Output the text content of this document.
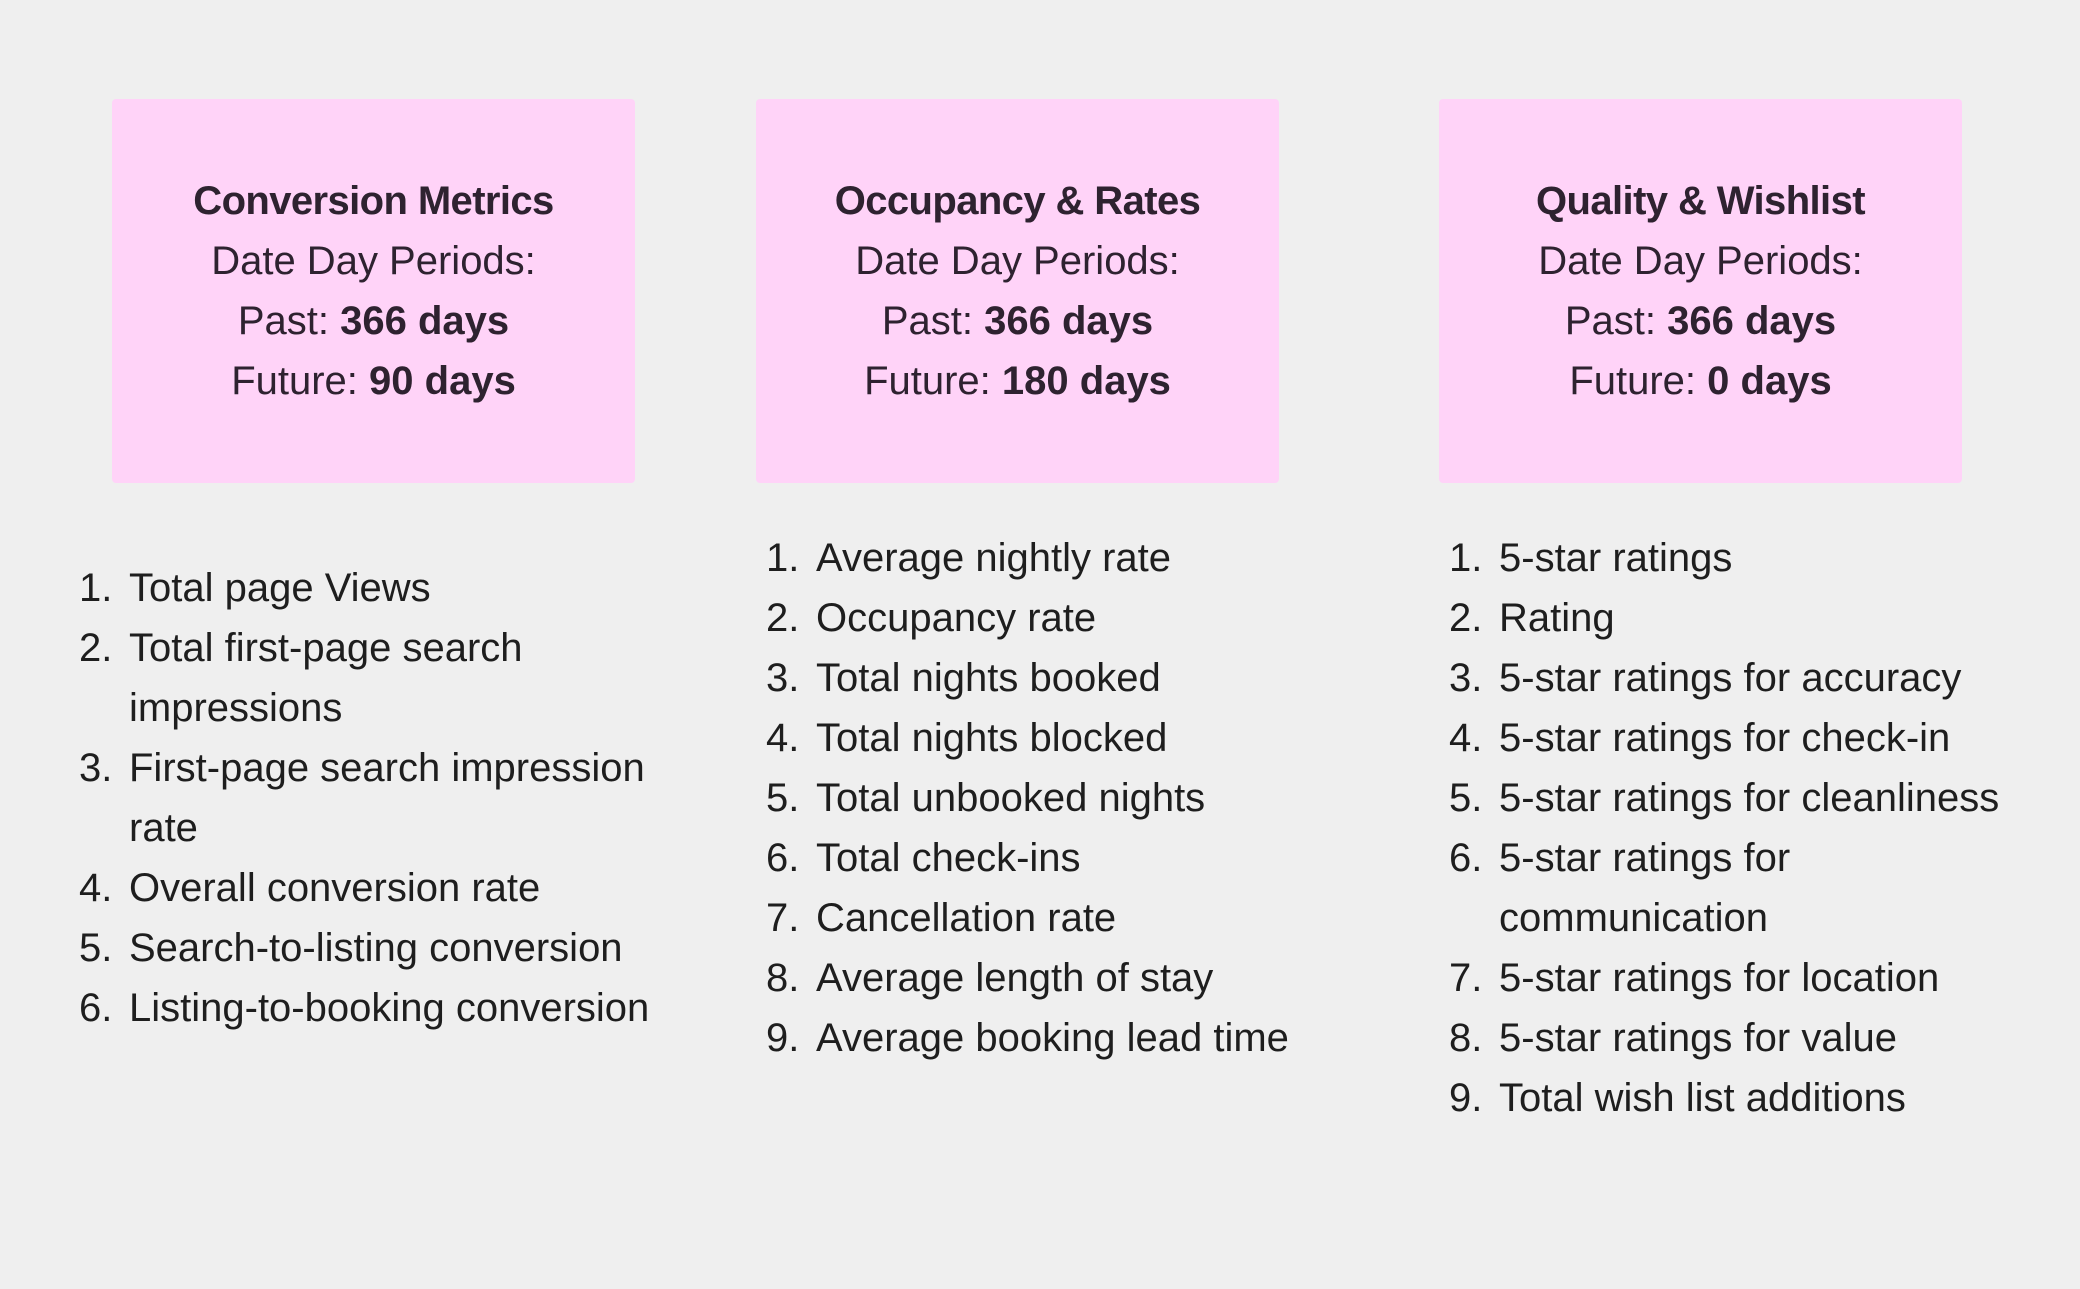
Conversion Metrics
Date Day Periods:
Past: 366 days
Future: 90 days
Occupancy & Rates
Date Day Periods:
Past: 366 days
Future: 180 days
Quality & Wishlist
Date Day Periods:
Past: 366 days
Future: 0 days
1. Total page Views
2. Total first-page search impressions
3. First-page search impression rate
4. Overall conversion rate
5. Search-to-listing conversion
6. Listing-to-booking conversion
1. Average nightly rate
2. Occupancy rate
3. Total nights booked
4. Total nights blocked
5. Total unbooked nights
6. Total check-ins
7. Cancellation rate
8. Average length of stay
9. Average booking lead time
1. 5-star ratings
2. Rating
3. 5-star ratings for accuracy
4. 5-star ratings for check-in
5. 5-star ratings for cleanliness
6. 5-star ratings for communication
7. 5-star ratings for location
8. 5-star ratings for value
9. Total wish list additions
